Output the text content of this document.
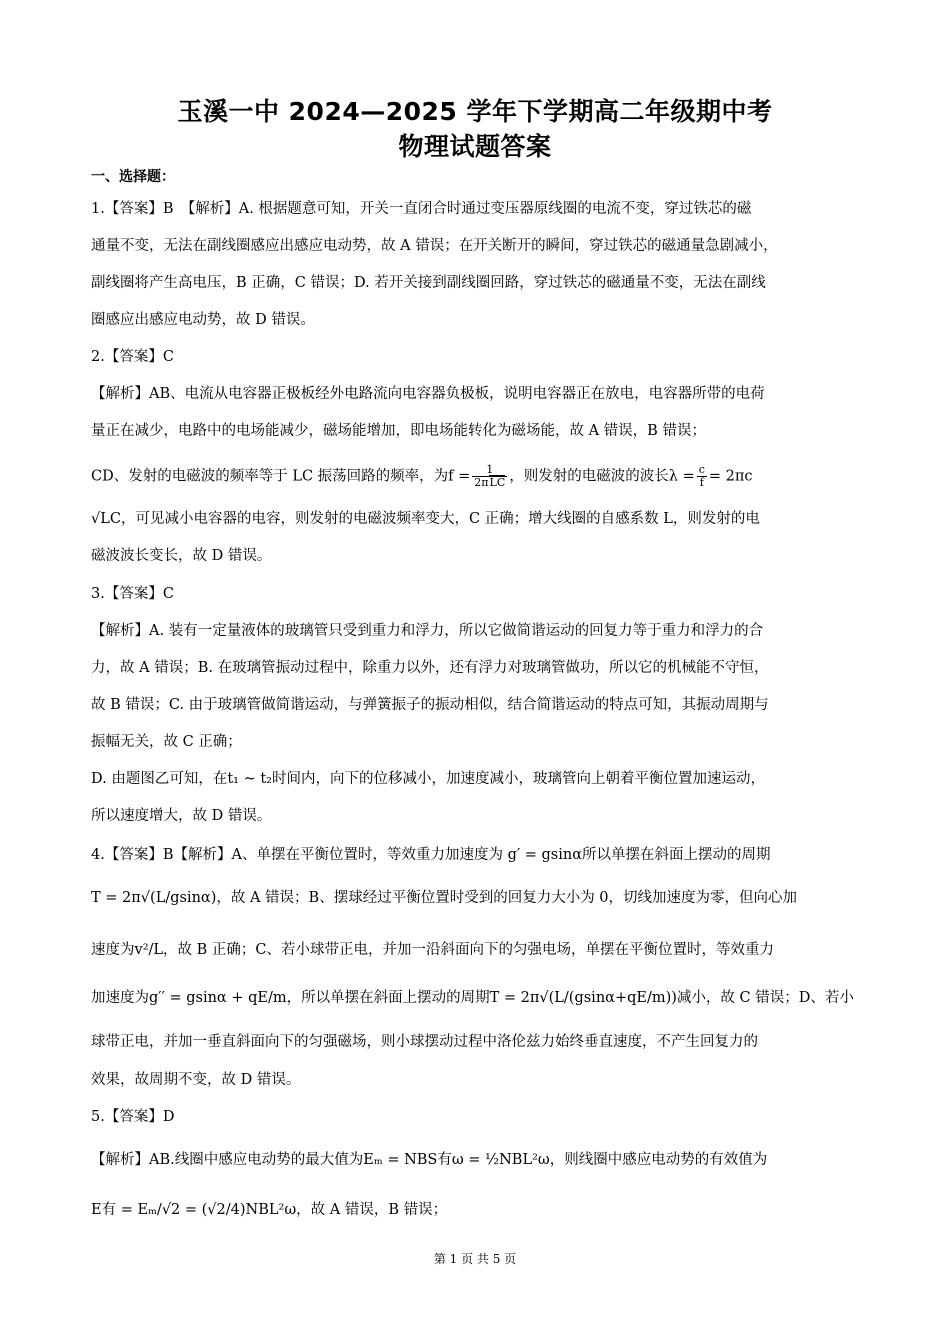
玉溪一中 2024—2025 学年下学期高二年级期中考
物理试题答案
一、选择题：
1.【答案】B　【解析】A. 根据题意可知，开关一直闭合时通过变压器原线圈的电流不变，穿过铁芯的磁
通量不变，无法在副线圈感应出感应电动势，故 A 错误；在开关断开的瞬间，穿过铁芯的磁通量急剧减小，
副线圈将产生高电压，B 正确，C 错误；D. 若开关接到副线圈回路，穿过铁芯的磁通量不变，无法在副线
圈感应出感应电动势，故 D 错误。
2.【答案】C
【解析】AB、电流从电容器正极板经外电路流向电容器负极板，说明电容器正在放电，电容器所带的电荷
量正在减少，电路中的电场能减少，磁场能增加，即电场能转化为磁场能，故 A 错误，B 错误；
CD、发射的电磁波的频率等于 LC 振荡回路的频率，为$f = \frac{1}{\text{2πLC}}$ ，则发射的电磁波的波长$\lambda = \frac{c}{f} = 2\pi c$
√LC，可见减小电容器的电容，则发射的电磁波频率变大，C 正确；增大线圈的自感系数 L，则发射的电
磁波波长变长，故 D 错误。
3.【答案】C
【解析】A. 装有一定量液体的玻璃管只受到重力和浮力，所以它做简谐运动的回复力等于重力和浮力的合
力，故 A 错误；B. 在玻璃管振动过程中，除重力以外，还有浮力对玻璃管做功，所以它的机械能不守恒，
故 B 错误；C. 由于玻璃管做简谐运动，与弹簧振子的振动相似，结合简谐运动的特点可知，其振动周期与
振幅无关，故 C 正确；
D. 由题图乙可知，在t₁ ~ t₂时间内，向下的位移减小，加速度减小，玻璃管向上朝着平衡位置加速运动，
所以速度增大，故 D 错误。
4.【答案】B【解析】A、单摆在平衡位置时，等效重力加速度为 g′ = gsinα所以单摆在斜面上摆动的周期
T = 2π√(L/gsinα)，故 A 错误；B、摆球经过平衡位置时受到的回复力大小为 0，切线加速度为零，但向心加
速度为v²/L，故 B 正确；C、若小球带正电，并加一沿斜面向下的匀强电场，单摆在平衡位置时，等效重力
加速度为g′′ = gsinα + qE/m，所以单摆在斜面上摆动的周期T = 2π√(L/(gsinα+qE/m))减小，故 C 错误；D、若小
球带正电，并加一垂直斜面向下的匀强磁场，则小球摆动过程中洛伦兹力始终垂直速度，不产生回复力的
效果，故周期不变，故 D 错误。
5.【答案】D
【解析】AB.线圈中感应电动势的最大值为Eₘ = NBS有ω = ½NBL²ω，则线圈中感应电动势的有效值为
E有 = Eₘ/√2 = (√2/4)NBL²ω，故 A 错误，B 错误；
第 1 页 共 5 页
